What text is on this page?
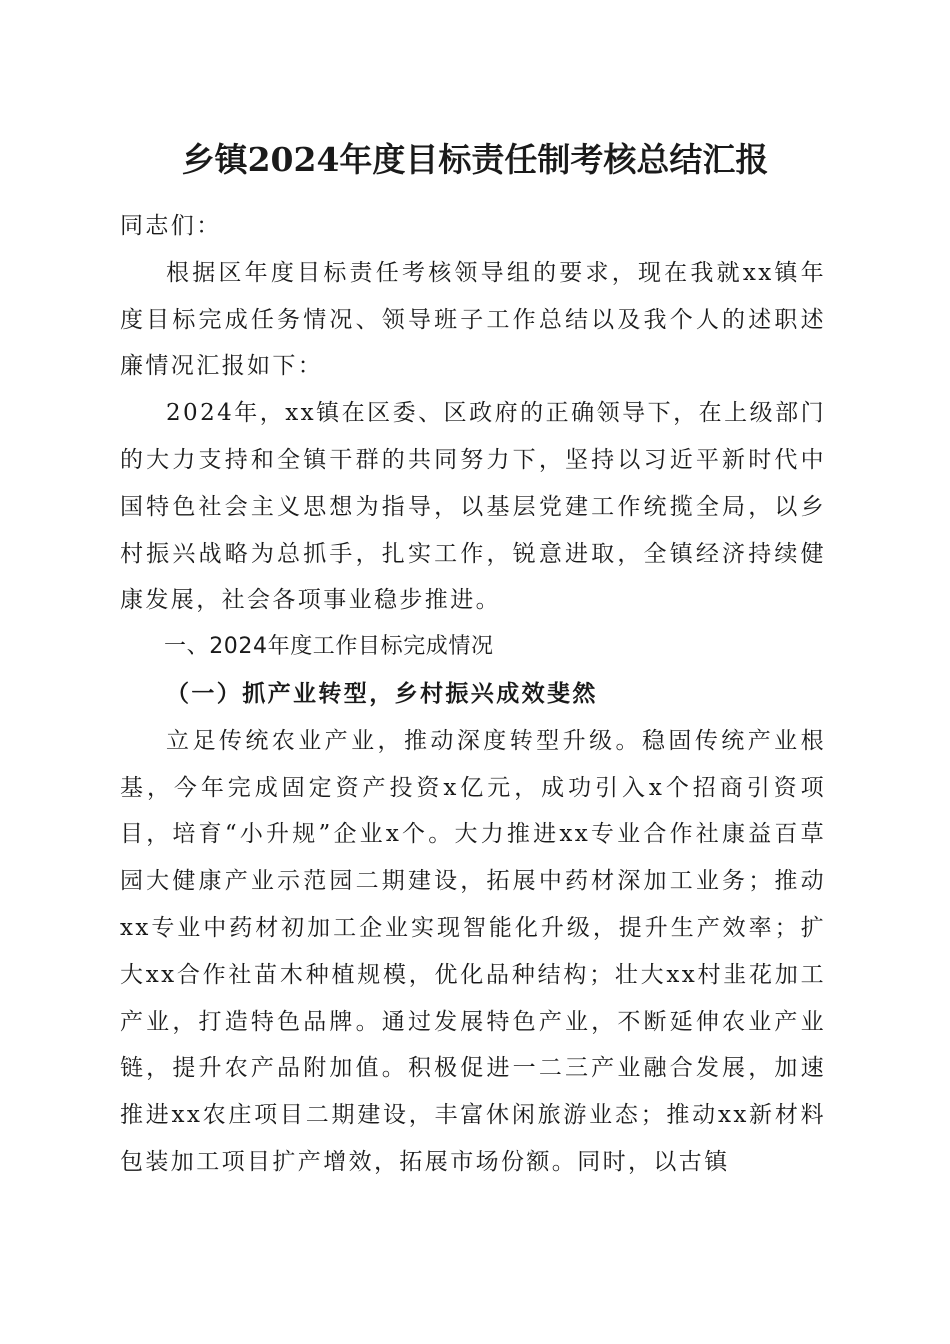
乡镇2024年度目标责任制考核总结汇报

同志们：

根据区年度目标责任考核领导组的要求，现在我就xx镇年度目标完成任务情况、领导班子工作总结以及我个人的述职述廉情况汇报如下：

2024年，xx镇在区委、区政府的正确领导下，在上级部门的大力支持和全镇干群的共同努力下，坚持以习近平新时代中国特色社会主义思想为指导，以基层党建工作统揽全局，以乡村振兴战略为总抓手，扎实工作，锐意进取，全镇经济持续健康发展，社会各项事业稳步推进。

一、2024年度工作目标完成情况

（一）抓产业转型，乡村振兴成效斐然

立足传统农业产业，推动深度转型升级。稳固传统产业根基，今年完成固定资产投资x亿元，成功引入x个招商引资项目，培育“小升规”企业x个。大力推进xx专业合作社康益百草园大健康产业示范园二期建设，拓展中药材深加工业务；推动xx专业中药材初加工企业实现智能化升级，提升生产效率；扩大xx合作社苗木种植规模，优化品种结构；壮大xx村韭花加工产业，打造特色品牌。通过发展特色产业，不断延伸农业产业链，提升农产品附加值。积极促进一二三产业融合发展，加速推进xx农庄项目二期建设，丰富休闲旅游业态；推动xx新材料包装加工项目扩产增效，拓展市场份额。同时，以古镇
